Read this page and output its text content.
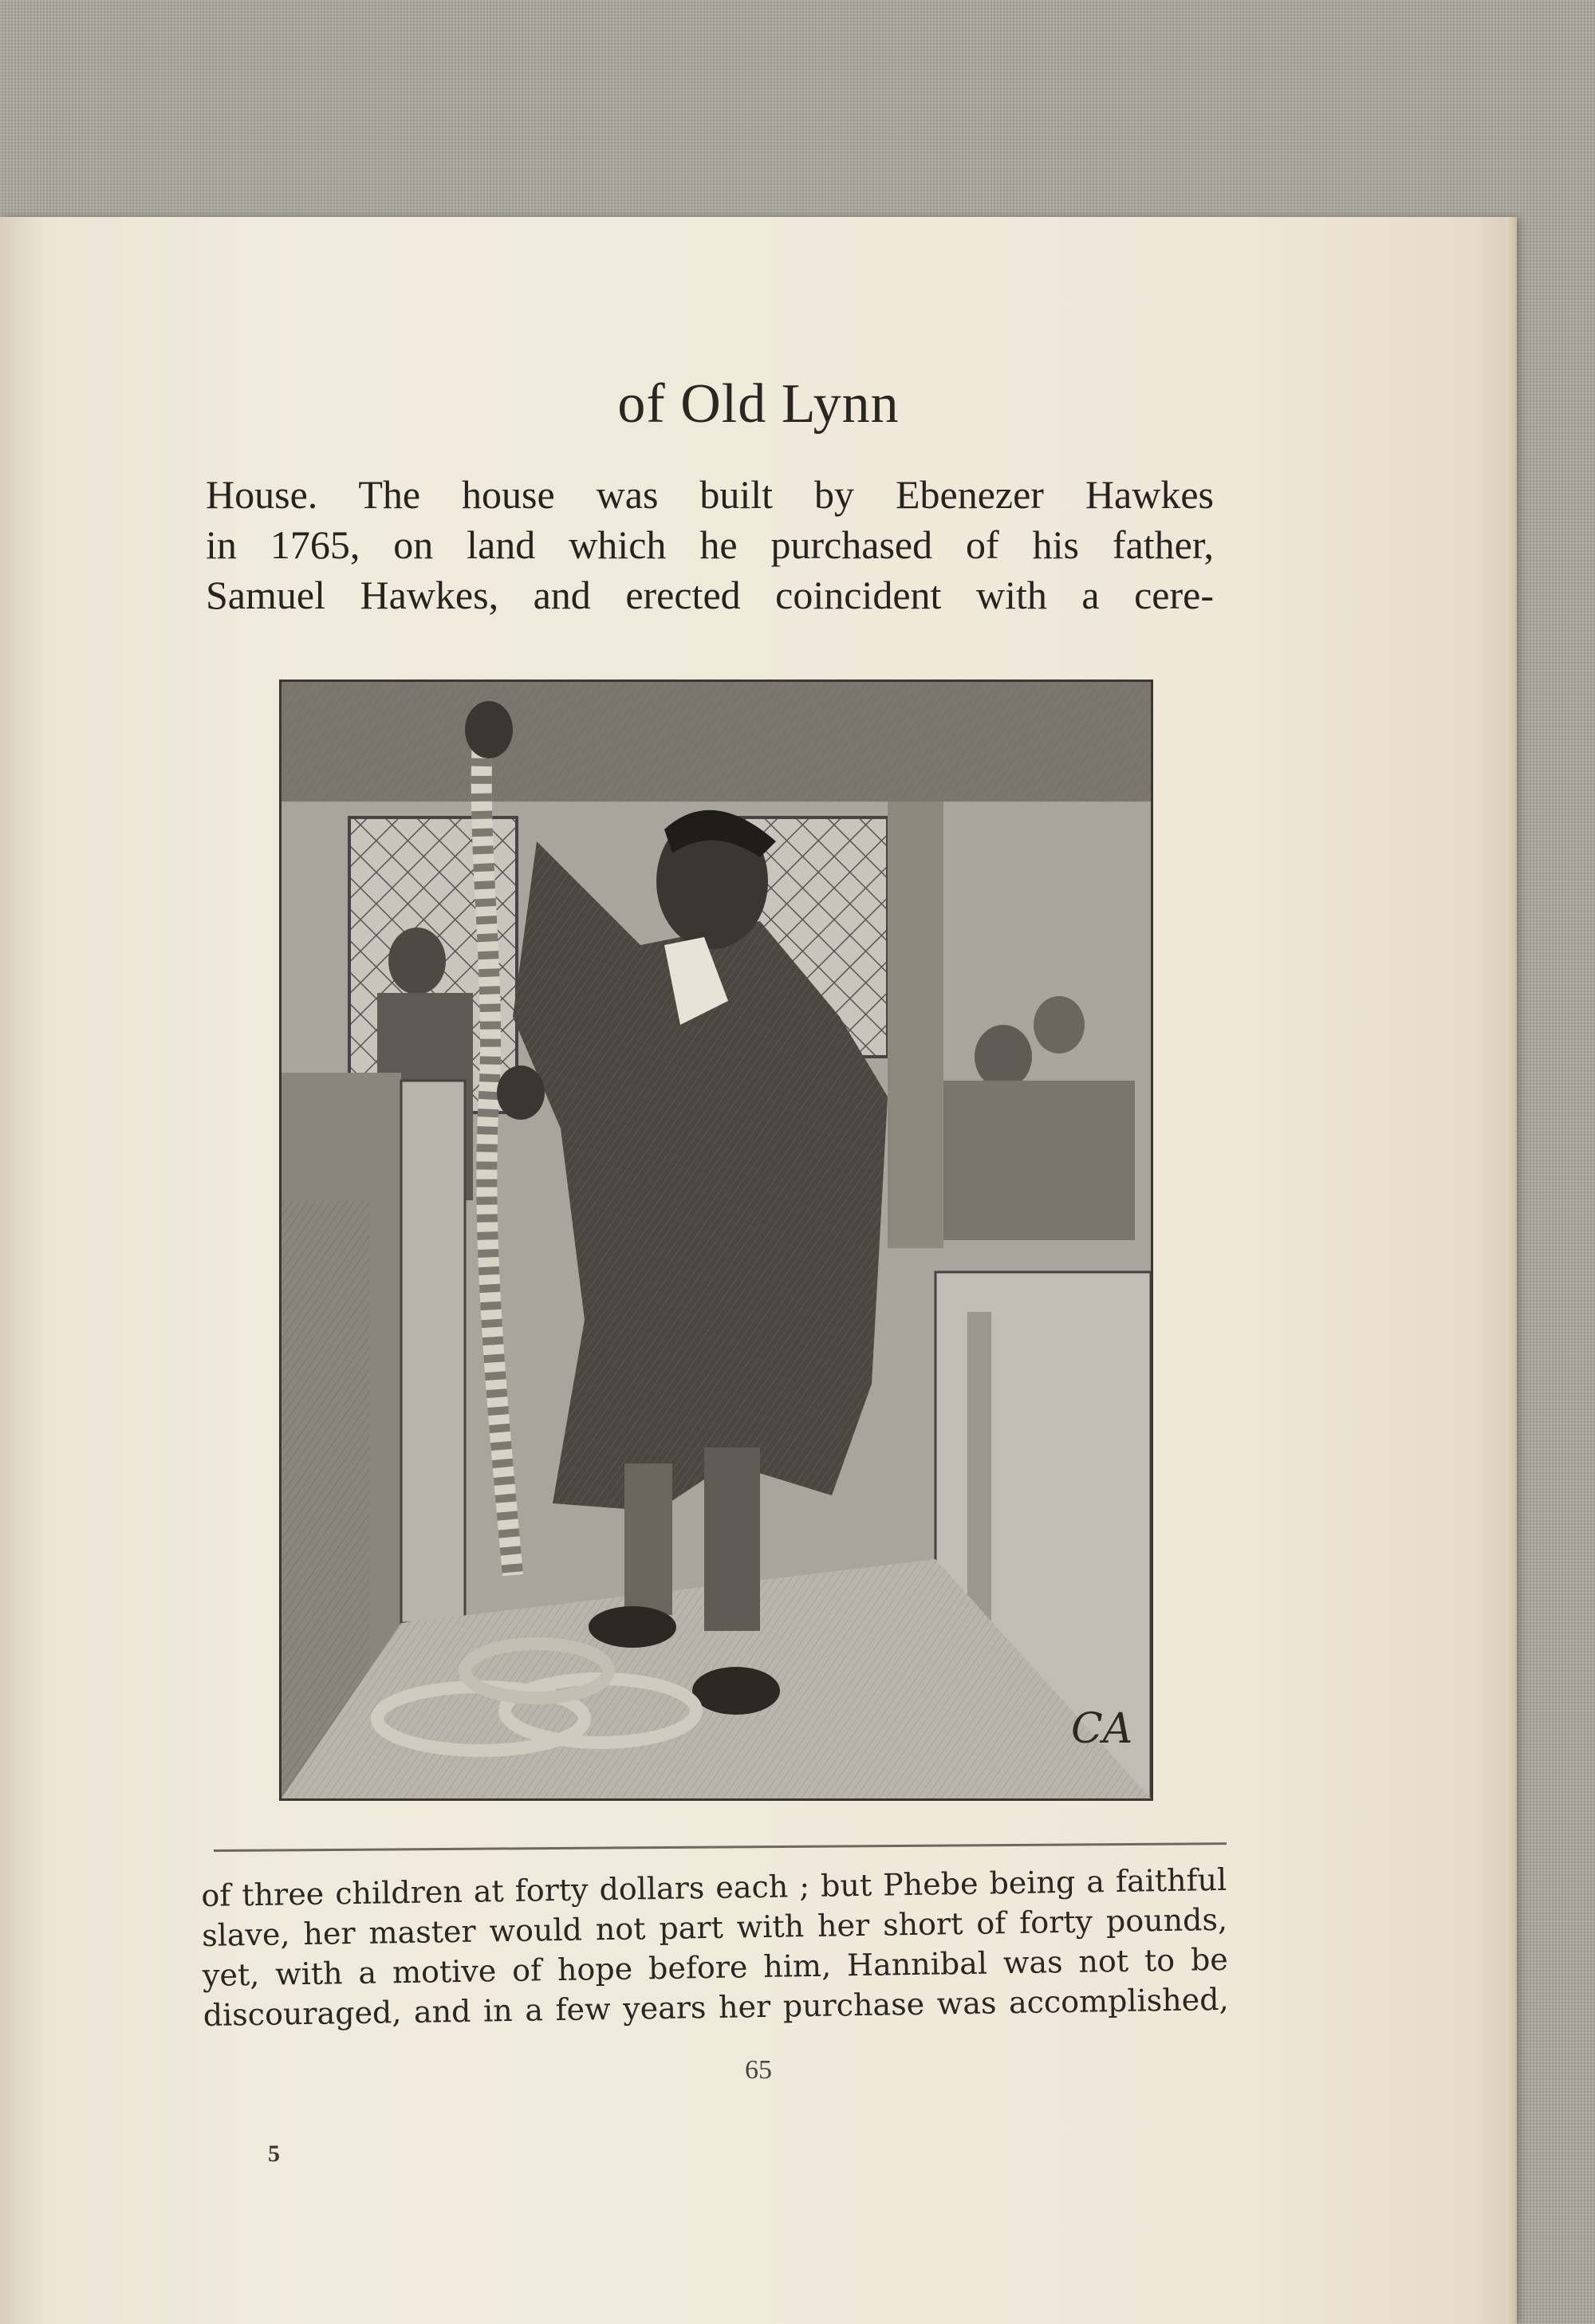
of Old Lynn
House. The house was built by Ebenezer Hawkes
in 1765, on land which he purchased of his father,
Samuel Hawkes, and erected coincident with a cere-
CA
of three children at forty dollars each ; but Phebe being a faithful
slave, her master would not part with her short of forty pounds,
yet, with a motive of hope before him, Hannibal was not to be
discouraged, and in a few years her purchase was accomplished,
65
5
